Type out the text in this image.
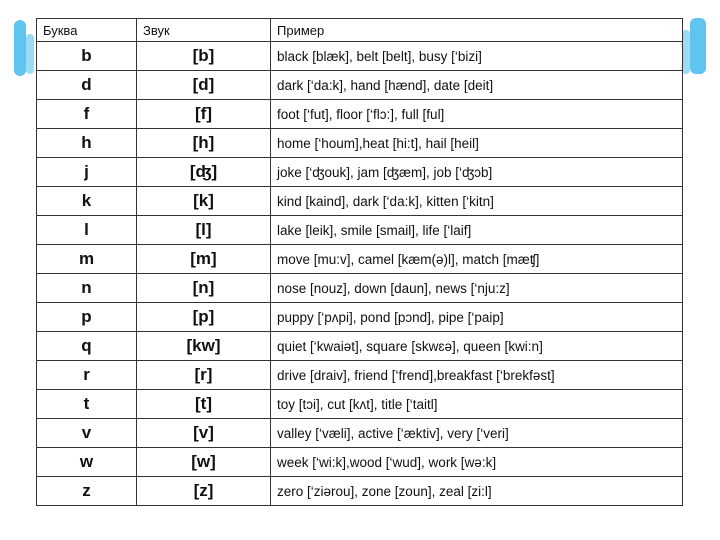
Буква	Звук	Пример
b	[b]	black [blæk], belt [belt], busy [‘bizi]
d	[d]	dark [‘da:k], hand [hænd], date [deit]
f	[f]	foot [‘fut], floor [‘flɔ:], full [ful]
h	[h]	home [‘houm],heat [hi:t], hail [heil]
j	[ʤ]	joke [‘ʤouk], jam [ʤæm], job [‘ʤɔb]
k	[k]	kind [kaind], dark [‘da:k], kitten [‘kitn]
l	[l]	lake [leik], smile [smail], life [‘laif]
m	[m]	move [mu:v], camel [kæm(ə)l], match [mæʧ]
n	[n]	nose [nouz], down [daun], news [‘nju:z]
p	[p]	puppy [‘pʌpi], pond [pɔnd], pipe [‘paip]
q	[kw]	quiet [‘kwaiət], square [skwɛə], queen [kwi:n]
r	[r]	drive [draiv], friend [‘frend],breakfast [‘brekfəst]
t	[t]	toy [tɔi], cut [kʌt], title [‘taitl]
v	[v]	valley [‘væli], active [‘æktiv], very [‘veri]
w	[w]	week [‘wi:k],wood [‘wud], work [wə:k]
z	[z]	zero [‘ziərou], zone [zoun], zeal [zi:l]
